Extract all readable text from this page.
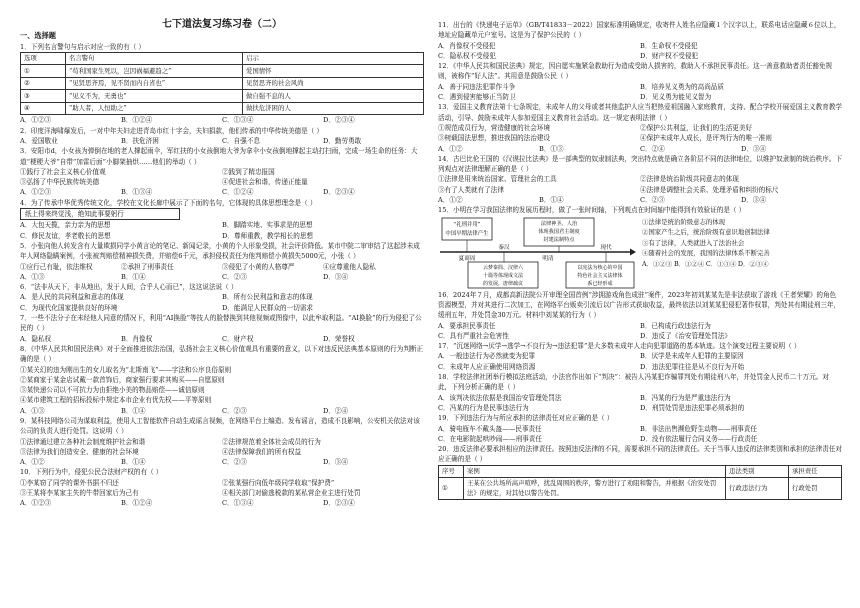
七下道法复习练习卷（二）

一、选择题

1．下列名言警句与启示对应一致的有（ ）

选项	名言警句	启示
①	“苟利国家生死以，岂因祸福避趋之”	爱国情怀
②	“见贤思齐焉，见不贤而内自省也”	见贤思齐的社会风尚
③	“见义不为，无勇也”	做自强不息的人
④	“助人者，人恒助之”	做扶危济困的人
A．①②③	B．①②④	C．①③④	D．②③④

2．印度洋海啸爆发后，一对中年夫妇走进青岛市红十字会，夫妇捐款，他们传承的中华传统美德是（ ）

A．爱国敬业	B．扶危济困	C．自强不息	D．勤劳勇敢

3．安阳市d，小女孩为弹倒在地的老人撑起雨伞，军红扶的小女孩倒地大爷为拿伞小女孩倒地撑起主动打扫雨，完成一场生命的任务：大道“梗梗大爷”自带“加雷后面”小脚架抽烘……他们的举动（ ）

①践行了社会主义核心价值观	②践到了精忠报国
③弘扬了中华民族传统美德	④促进社会和谐，传递正能量
A．①②③	B．①③④	C．①②④	D．②③④

4．为了传承中华优秀传统文化，学校在文化长廊中展示了下面的名句，它体现的具体思想理念是（ ）

纸上得来终觉浅，绝知此事要躬行

A．大包天揽，亲力亲为的思想	B．脚踏实地、实事求是的思想
C．修民友谊，孝老敬长的思想	D．尊师重教，教学相长的思想

5．小张向他人转发含有大量欺损同学小黄言论的笔记、新闻记录，小黄的个人形象受损，社会评价降低。某市中院二审审结了这起涉未成年人网络隐瞒案例，小张被判赔偿精神损失费，并赔偿6千元，承担侵权责任为他判赔偿小黄损失5000元，小张（ ）

①应行己有耻，依法维权	②承担了刑事责任	③侵犯了小黄的人格尊严	④应尊重他人隐私
A．①③	B．①④	C．②③	D．③④

6．“法非从天下，非从地出，发于人间，合乎人心而已”，这这说法说（ ）

A．是人民的共同利益和意志的体现	B．所有公民利益和意志的体现
C．为现代化国家提供良好的环境	D．能满足人民群众的一切需求

7．一些不法分子在未经他人同意的情况下，利用“AI换脸”等技人的脸替换到其他视频或图像中，以此牟取利益。“AI换脸”的行为侵犯了公民的（ ）

A．隐私权	B．肖像权	C．财产权	D．荣誉权

8．《中华人民共和国民法典》对于全面推进依法治国，弘扬社会主义核心价值观具有重要的意义，以下对违反民法典基本原则的行为判断正确的是（ ）

①某关幻的违为刚出生的女儿取名为“北斯南飞”——字法和公序良俗原则

②某商家于某金店试戴一款首饰后，商家强行要求其购买——自愿原则

③某快递公司以不可抗力为由拒绝小美的物品赔偿——诚信原则

④某市建筑工程的招标投标中规定本市企业有优先权——平等原则

A．①③	B．①④	C．②③	D．②④

9．某科技网络公司为谋取利益，使用人工智能软件自动生成谣言视频，在网络平台上编造、发布谣言，造成不良影响，公安机关依法对该公司的负责人进行处罚。这说明（ ）

①法律通过建立各种社会制度维护社会和谐	②法律规范着全体社会成员的行为
③法律为我们创造安全、健康的社会环境	④法律保障我们的所有权益
A．①②	B．①④	C．②③	D．③④

10．下列行为中，侵犯公民合法财产权的有（ ）

①李某窃了同学的课外书据不归还	②张某强行向低年级同学收取“保护费”
③王某将李某家主失的牛带回家后为己有	④相关部门对偷逃税款的某私营企业主进行处罚
A．①②③	B．①②④	C．①③④	D．②③④

11．出台的《快递电子运单》（GB/T41833－2022）国家标准明确规定，收寄件人姓名应隐藏１个汉字以上，联系电话应隐藏６位以上，地址应隐藏单元户室号。这是为了保护公民的（ ）

A．肖像权不受侵犯	B．生命权不受侵犯
C．隐私权不受侵犯	D．财产权不受侵犯

12．《中华人民共和国民法典》规定，因自愿实施紧急救助行为造成受助人损害的，救助人不承担民事责任。这一善意救助者责任豁免规则，被称作“好人法”。其用意是鼓励公民（ ）

A．善于同违法犯罪作斗争	B．培养见义勇为的高尚品质
C．遇到侵害能够正当防卫	D．见义勇为能见义智为

13．爱国主义教育法第十七条规定，未成年人的父母或者其他监护人应当把热爱祖国融入家庭教育，支持、配合学校开展爱国主义教育教学活动，引导、鼓励未成年人参加爱国主义教育社会活动。这一规定表明法律（ ）

①规范成员行为，营造健康的社会环境	②保护公共利益，让我们的生活更美好
③树载国法思想，推进我国的法治建设	④保护未成年人成长，是评判行为的唯一准则
A．①②	B．①③	C．②④	D．③④

14．古巴比伦王国的《汉谟拉比法典》是一部典型的奴隶制法典，突出特点就是确立各阶层不同的法律地位，以维护奴隶制的统治秩序。下列观点对法律理解正确的是（ ）

①法律是用来统治国家、管理社会的工具	②法律是统治阶级共同意志的体现
③有了人类就有了法律	④法律是调整社会关系、处理矛盾和纠纷的标尺
A．①②	B．①④	C．②③	D．③④

15．小明在学习我国法律的发展历程时，做了一张时间轴，下列观点在时间轴中能得到有效验证的是（ ）

“礼刑并用”
中国早期法律产生
法律神圣、人治
体现我国君主制度
封建法制特点
夏商周
秦汉
明清
现代
云梦秦简、汉律六
十篇等体现成文法
的发展，唐律疏议
以宪法为核心的中国
特色社会主义法律体
系已经形成

①法律是统治阶级意志的体现

②国家产生之后，统治阶级有意识地创制法律

③有了法律，人类就进入了法治社会

④随着社会的发展，我国的法律体系不断完善

A．①②③ B．①②④ C．①③④ D．②③④

16．2024年７月，成都高新法院公开审理全国首例“涉拥游戏角色成驻”案件，2023年初刘某某先是非法获取了游戏《王者荣耀》的角色资源模型，并对其进行二次加工，在网络平台贩卖引流后以广告形式获取收益，最终依法以刘某某犯侵犯著作权罪，判处其有期徒刑三年，缓刑五年，并处罚金30万元。材料中刘某某的行为（ ）

A．要承担民事责任	B．已构成行政违法行为
C．具有严重社会危害性	D．违反了《治安管理处罚法》

17．“沉迷网络→厌学→逃学→不良行为→违法犯罪”是大多数未成年人走向犯罪道路的基本轨迹。这个演变过程主要说明（ ）

A．一般违法行为必然就变为犯罪	B．厌学是未成年人犯罪的主要原因
C．未成年人应正确使用网络资源	D．违法犯罪往往是从不良行为开始

18．学校法律社团举行模拟法庭活动，小法官作出如下“判决”：被告人冯某犯诈骗罪判处有期徒刑八年，并处罚金人民币二十万元。对此，下列分析正确的是（ ）

A．该判决依法依据是我国治安管理处罚法	B．冯某的行为是严重违法行为
C．冯某的行为是民事违法行为	D．刑罚处罚是违法犯罪必须承担的

19．下列违法行为与所应承担的法律责任对应正确的是（ ）

A．骑电瓶车不戴头盔——民事责任	B．非法出售濒危野生动物——刑事责任
C．在电影院起哄吵闹——刑事责任	D．没有依法履行合同义务——行政责任

20．违反法律必要承担相应的法律责任。按照违反法律的不同，需要承担不同的法律责任。关于当事人违反的法律类别和承担的法律责任对应正确的是（ ）

序号	案例	违法类别	承担责任
①	王某在公共场所高声喧哗，扰乱周围的秩序，警方进行了劝阻和警告，并根据《治安处罚法》的规定，对其处以警告处罚。	行政违法行为	行政处罚
